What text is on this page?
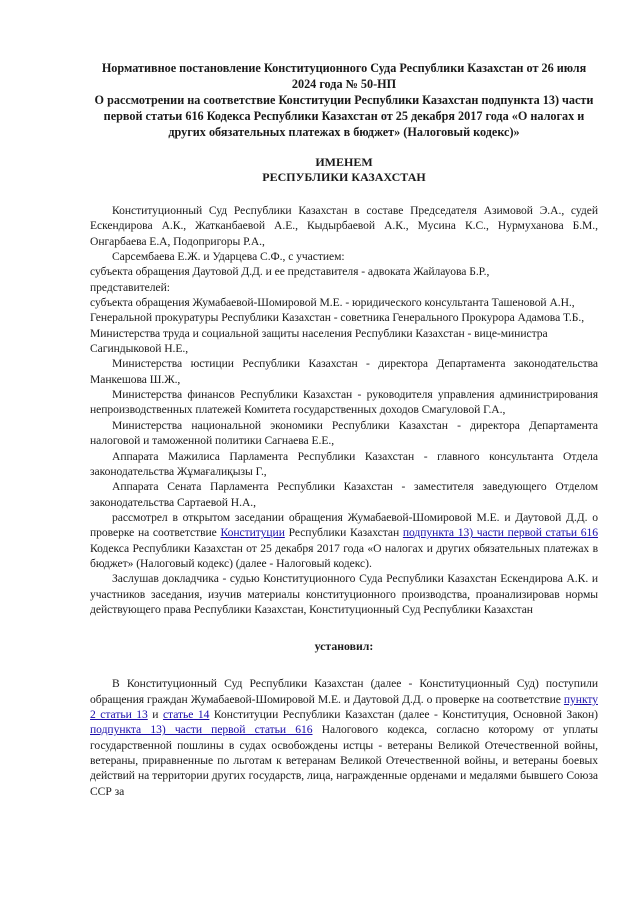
Нормативное постановление Конституционного Суда Республики Казахстан от 26 июля 2024 года № 50-НП

О рассмотрении на соответствие Конституции Республики Казахстан подпункта 13) части первой статьи 616 Кодекса Республики Казахстан от 25 декабря 2017 года «О налогах и других обязательных платежах в бюджет» (Налоговый кодекс)»

ИМЕНЕМ

РЕСПУБЛИКИ КАЗАХСТАН

Конституционный Суд Республики Казахстан в составе Председателя Азимовой Э.А., судей Ескендирова А.К., Жатканбаевой А.Е., Кыдырбаевой А.К., Мусина К.С., Нурмуханова Б.М., Онгарбаева Е.А, Подопригоры Р.А.,

Сарсембаева Е.Ж. и Ударцева С.Ф., с участием:

субъекта обращения Даутовой Д.Д. и ее представителя - адвоката Жайлауова Б.Р.,

представителей:

субъекта обращения Жумабаевой-Шомировой М.Е. - юридического консультанта Ташеновой А.Н.,

Генеральной прокуратуры Республики Казахстан - советника Генерального Прокурора Адамова Т.Б.,

Министерства труда и социальной защиты населения Республики Казахстан - вице-министра Сагиндыковой Н.Е.,

Министерства юстиции Республики Казахстан - директора Департамента законодательства Манкешова Ш.Ж.,

Министерства финансов Республики Казахстан - руководителя управления администрирования непроизводственных платежей Комитета государственных доходов Смагуловой Г.А.,

Министерства национальной экономики Республики Казахстан - директора Департамента налоговой и таможенной политики Сагнаева Е.Е.,

Аппарата Мажилиса Парламента Республики Казахстан - главного консультанта Отдела законодательства Жұмағалиқызы Г.,

Аппарата Сената Парламента Республики Казахстан - заместителя заведующего Отделом законодательства Сартаевой Н.А.,

рассмотрел в открытом заседании обращения Жумабаевой-Шомировой М.Е. и Даутовой Д.Д. о проверке на соответствие Конституции Республики Казахстан подпункта 13) части первой статьи 616 Кодекса Республики Казахстан от 25 декабря 2017 года «О налогах и других обязательных платежах в бюджет» (Налоговый кодекс) (далее - Налоговый кодекс).

Заслушав докладчика - судью Конституционного Суда Республики Казахстан Ескендирова А.К. и участников заседания, изучив материалы конституционного производства, проанализировав нормы действующего права Республики Казахстан, Конституционный Суд Республики Казахстан

установил:

В Конституционный Суд Республики Казахстан (далее - Конституционный Суд) поступили обращения граждан Жумабаевой-Шомировой М.Е. и Даутовой Д.Д. о проверке на соответствие пункту 2 статьи 13 и статье 14 Конституции Республики Казахстан (далее - Конституция, Основной Закон) подпункта 13) части первой статьи 616 Налогового кодекса, согласно которому от уплаты государственной пошлины в судах освобождены истцы - ветераны Великой Отечественной войны, ветераны, приравненные по льготам к ветеранам Великой Отечественной войны, и ветераны боевых действий на территории других государств, лица, награжденные орденами и медалями бывшего Союза ССР за
